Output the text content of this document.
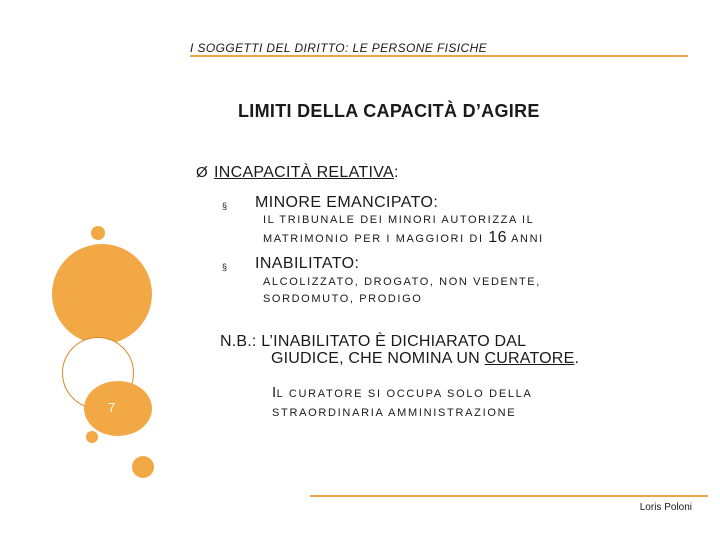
7
I SOGGETTI DEL DIRITTO: LE PERSONE FISICHE
LIMITI DELLA CAPACITÀ D’AGIRE
Ø INCAPACITÀ RELATIVA:
§ MINORE EMANCIPATO:
IL TRIBUNALE DEI MINORI AUTORIZZA IL
MATRIMONIO PER I MAGGIORI DI 16 ANNI
§ INABILITATO:
ALCOLIZZATO, DROGATO, NON VEDENTE,
SORDOMUTO, PRODIGO
N.B.: L’INABILITATO È DICHIARATO DAL
GIUDICE, CHE NOMINA UN CURATORE.
IL CURATORE SI OCCUPA SOLO DELLA
STRAORDINARIA AMMINISTRAZIONE
Loris Poloni
